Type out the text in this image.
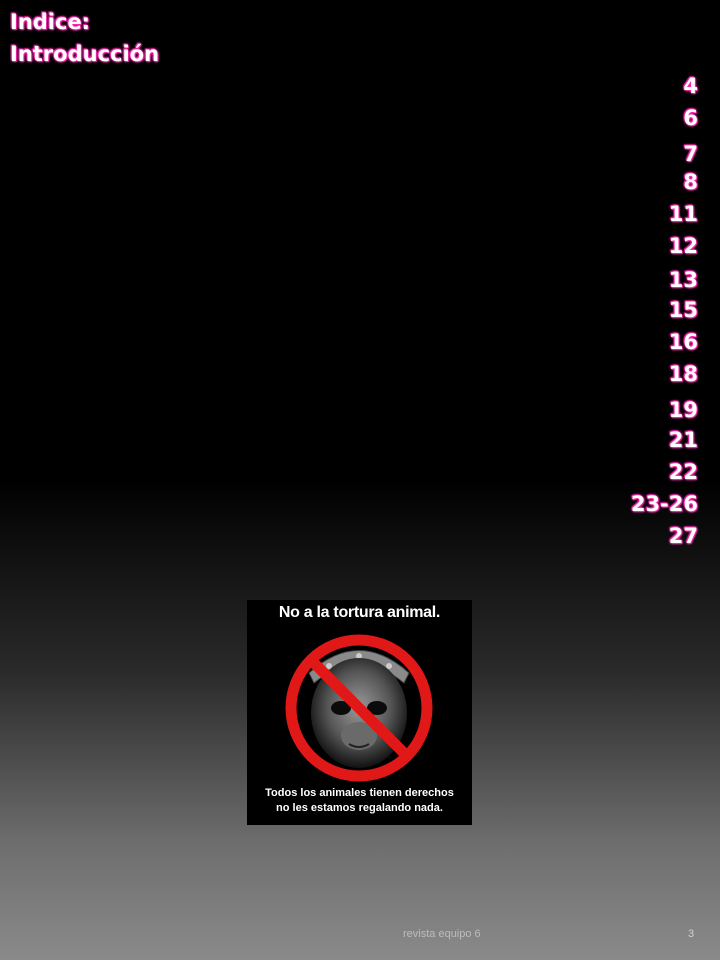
Indice:
Introducción

4

6

7

8

11

12

13

15

16

18

19

21

22

23-26

27

No a la tortura animal.
Todos los animales tienen derechos
no les estamos regalando nada.
revista equipo 6	3
